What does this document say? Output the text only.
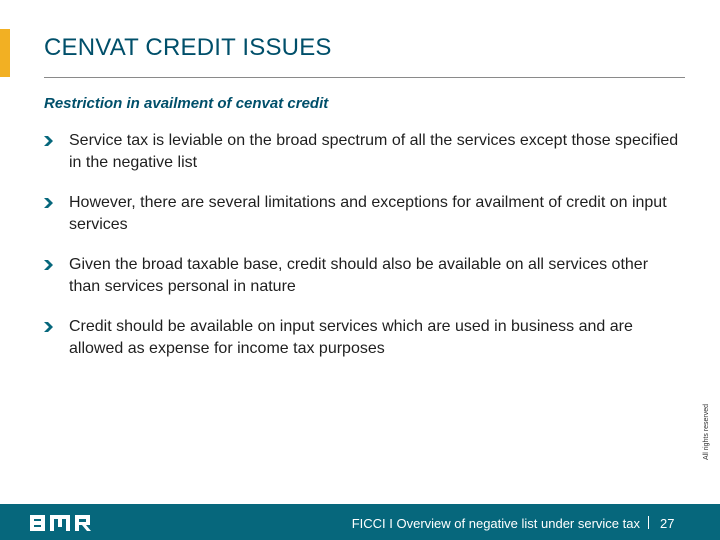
CENVAT CREDIT ISSUES
Restriction in availment of cenvat credit
Service tax is leviable on the broad spectrum of all the services except those specified in the negative list
However, there are several limitations and exceptions for availment of credit on input services
Given the broad taxable base, credit should also be available on all services other than services personal in nature
Credit should be available on input services which are used in business and are allowed as expense for income tax purposes
All rights reserved
FICCI I Overview of negative list under service tax 27
